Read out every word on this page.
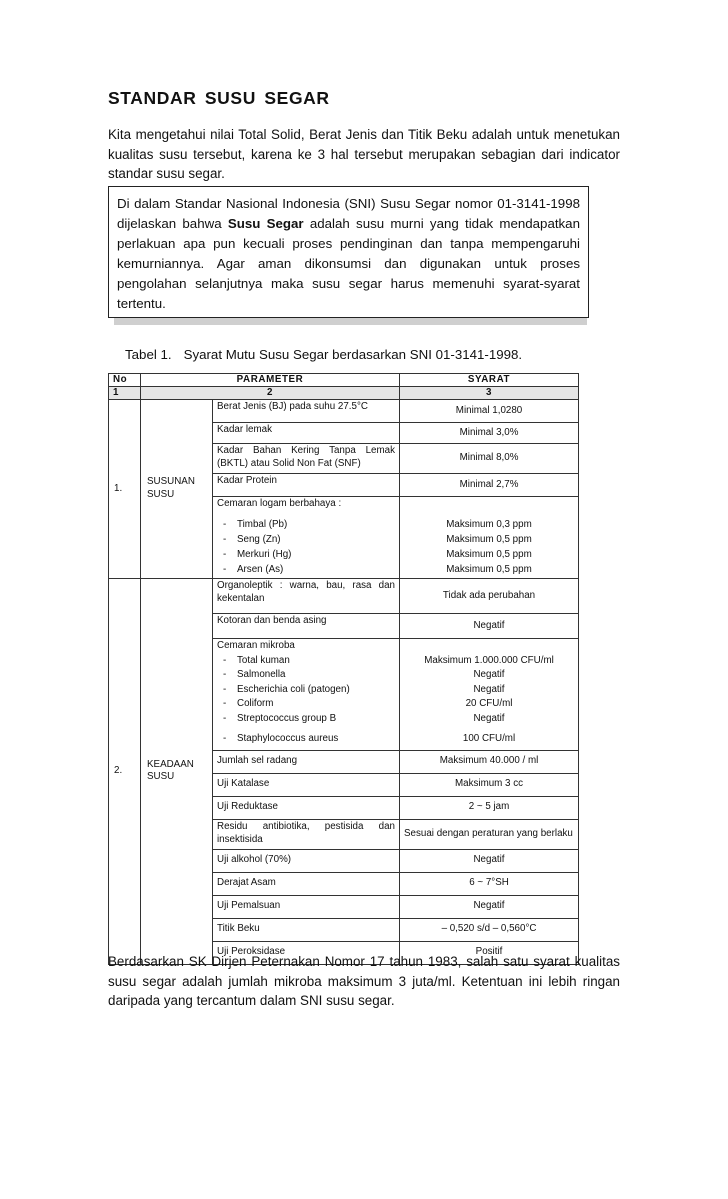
STANDAR SUSU SEGAR

Kita mengetahui nilai Total Solid, Berat Jenis dan Titik Beku adalah untuk menetukan kualitas susu tersebut, karena ke 3 hal tersebut merupakan sebagian dari indicator standar susu segar.

Di dalam Standar Nasional Indonesia (SNI) Susu Segar nomor 01-3141-1998 dijelaskan bahwa Susu Segar adalah susu murni yang tidak mendapatkan perlakuan apa pun kecuali proses pendinginan dan tanpa mempengaruhi kemurniannya. Agar aman dikonsumsi dan digunakan untuk proses pengolahan selanjutnya maka susu segar harus memenuhi syarat-syarat tertentu.

Tabel 1. Syarat Mutu Susu Segar berdasarkan SNI 01-3141-1998.

No	PARAMETER		SYARAT
1	2		3
1.	SUSUNAN SUSU	Berat Jenis (BJ) pada suhu 27.5°C	Minimal 1,0280
		Kadar lemak	Minimal 3,0%
		Kadar Bahan Kering Tanpa Lemak (BKTL) atau Solid Non Fat (SNF)	Minimal 8,0%
		Kadar Protein	Minimal 2,7%
		Cemaran logam berbahaya :	
		- Timbal (Pb)	Maksimum 0,3 ppm
		- Seng (Zn)	Maksimum 0,5 ppm
		- Merkuri (Hg)	Maksimum 0,5 ppm
		- Arsen (As)	Maksimum 0,5 ppm
2.	KEADAAN SUSU	Organoleptik : warna, bau, rasa dan kekentalan	Tidak ada perubahan
		Kotoran dan benda asing	Negatif
		Cemaran mikroba	
		- Total kuman	Maksimum 1.000.000 CFU/ml
		- Salmonella	Negatif
		- Escherichia coli (patogen)	Negatif
		- Coliform	20 CFU/ml
		- Streptococcus group B	Negatif
		- Staphylococcus aureus	100 CFU/ml
		Jumlah sel radang	Maksimum 40.000 / ml
		Uji Katalase	Maksimum 3 cc
		Uji Reduktase	2 ~ 5 jam
		Residu antibiotika, pestisida dan insektisida	Sesuai dengan peraturan yang berlaku
		Uji alkohol (70%)	Negatif
		Derajat Asam	6 ~ 7°SH
		Uji Pemalsuan	Negatif
		Titik Beku	– 0,520 s/d – 0,560°C
		Uji Peroksidase	Positif

Berdasarkan SK Dirjen Peternakan Nomor 17 tahun 1983, salah satu syarat kualitas susu segar adalah jumlah mikroba maksimum 3 juta/ml. Ketentuan ini lebih ringan daripada yang tercantum dalam SNI susu segar.
